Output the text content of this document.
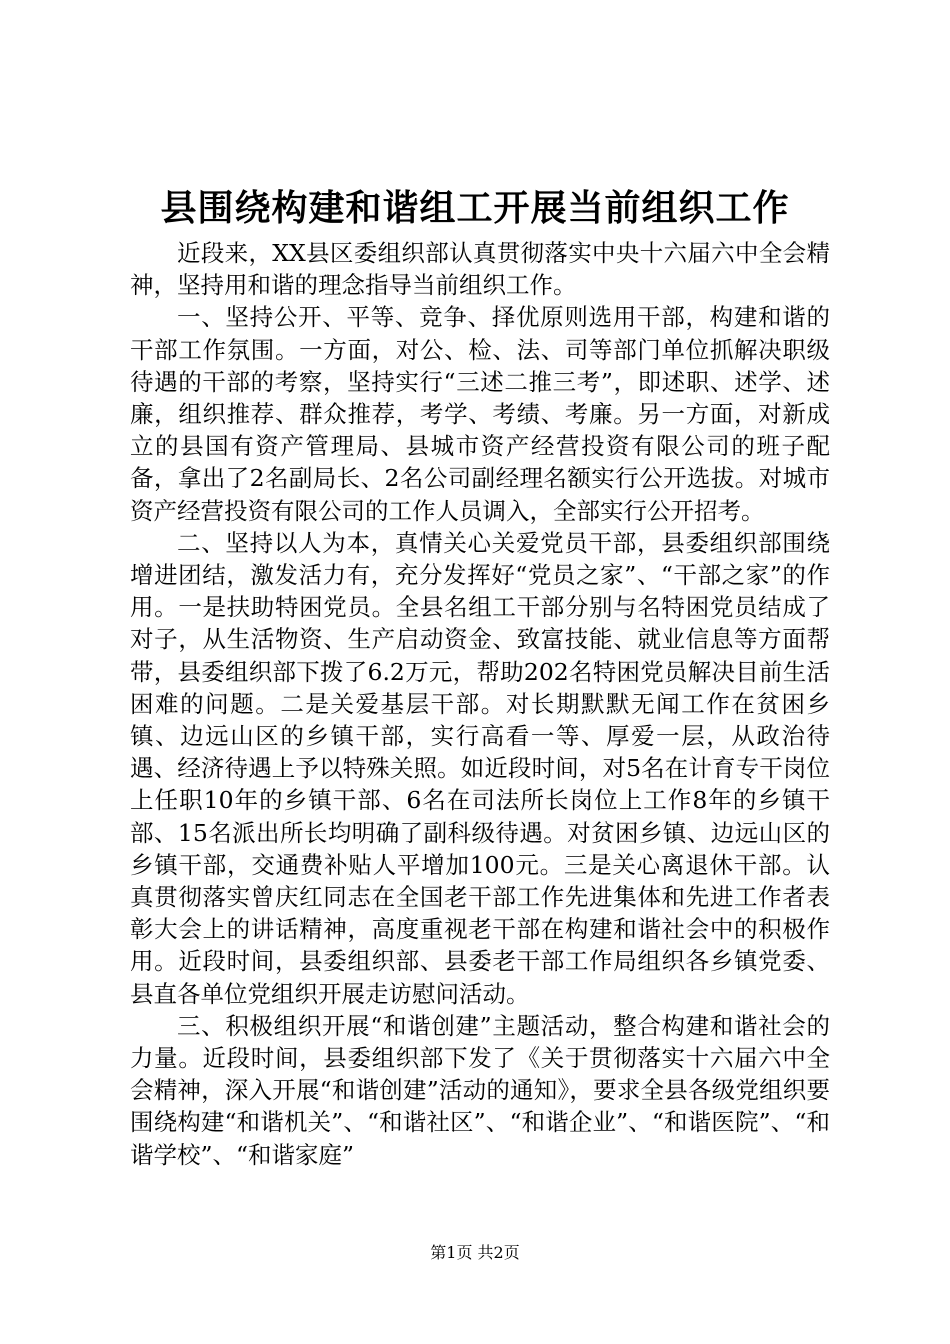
县围绕构建和谐组工开展当前组织工作

近段来，XX县区委组织部认真贯彻落实中央十六届六中全会精神，坚持用和谐的理念指导当前组织工作。

一、坚持公开、平等、竞争、择优原则选用干部，构建和谐的干部工作氛围。一方面，对公、检、法、司等部门单位抓解决职级待遇的干部的考察，坚持实行“三述二推三考”，即述职、述学、述廉，组织推荐、群众推荐，考学、考绩、考廉。另一方面，对新成立的县国有资产管理局、县城市资产经营投资有限公司的班子配备，拿出了2名副局长、2名公司副经理名额实行公开选拔。对城市资产经营投资有限公司的工作人员调入，全部实行公开招考。

二、坚持以人为本，真情关心关爱党员干部，县委组织部围绕增进团结，激发活力有，充分发挥好“党员之家”、“干部之家”的作用。一是扶助特困党员。全县名组工干部分别与名特困党员结成了对子，从生活物资、生产启动资金、致富技能、就业信息等方面帮带，县委组织部下拨了6.2万元，帮助202名特困党员解决目前生活困难的问题。二是关爱基层干部。对长期默默无闻工作在贫困乡镇、边远山区的乡镇干部，实行高看一等、厚爱一层，从政治待遇、经济待遇上予以特殊关照。如近段时间，对5名在计育专干岗位上任职10年的乡镇干部、6名在司法所长岗位上工作8年的乡镇干部、15名派出所长均明确了副科级待遇。对贫困乡镇、边远山区的乡镇干部，交通费补贴人平增加100元。三是关心离退休干部。认真贯彻落实曾庆红同志在全国老干部工作先进集体和先进工作者表彰大会上的讲话精神，高度重视老干部在构建和谐社会中的积极作用。近段时间，县委组织部、县委老干部工作局组织各乡镇党委、县直各单位党组织开展走访慰问活动。

三、积极组织开展“和谐创建”主题活动，整合构建和谐社会的力量。近段时间，县委组织部下发了《关于贯彻落实十六届六中全会精神，深入开展“和谐创建”活动的通知》，要求全县各级党组织要围绕构建“和谐机关”、“和谐社区”、“和谐企业”、“和谐医院”、“和谐学校”、“和谐家庭”

第1页 共2页
